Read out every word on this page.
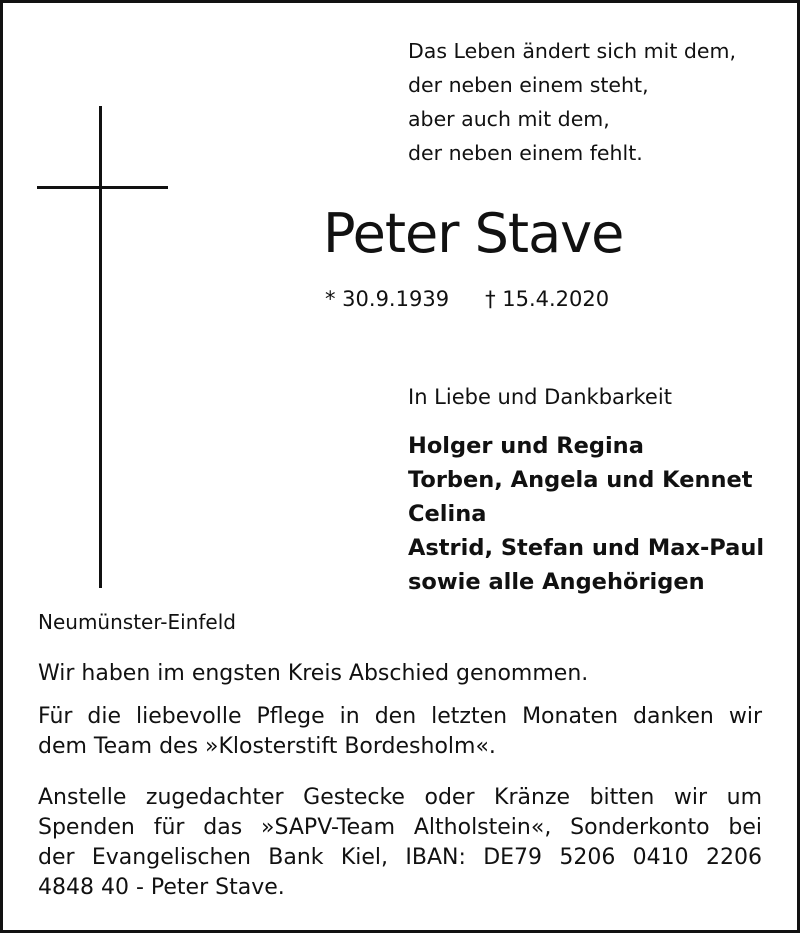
Das Leben ändert sich mit dem,
der neben einem steht,
aber auch mit dem,
der neben einem fehlt.
Peter Stave
* 30.9.1939 † 15.4.2020
In Liebe und Dankbarkeit
Holger und Regina
Torben, Angela und Kennet
Celina
Astrid, Stefan und Max-Paul
sowie alle Angehörigen
Neumünster-Einfeld
Wir haben im engsten Kreis Abschied genommen.
Für die liebevolle Pflege in den letzten Monaten danken wir
dem Team des »Klosterstift Bordesholm«.
Anstelle zugedachter Gestecke oder Kränze bitten wir um
Spenden für das »SAPV-Team Altholstein«, Sonderkonto bei
der Evangelischen Bank Kiel, IBAN: DE79 5206 0410 2206
4848 40 - Peter Stave.
